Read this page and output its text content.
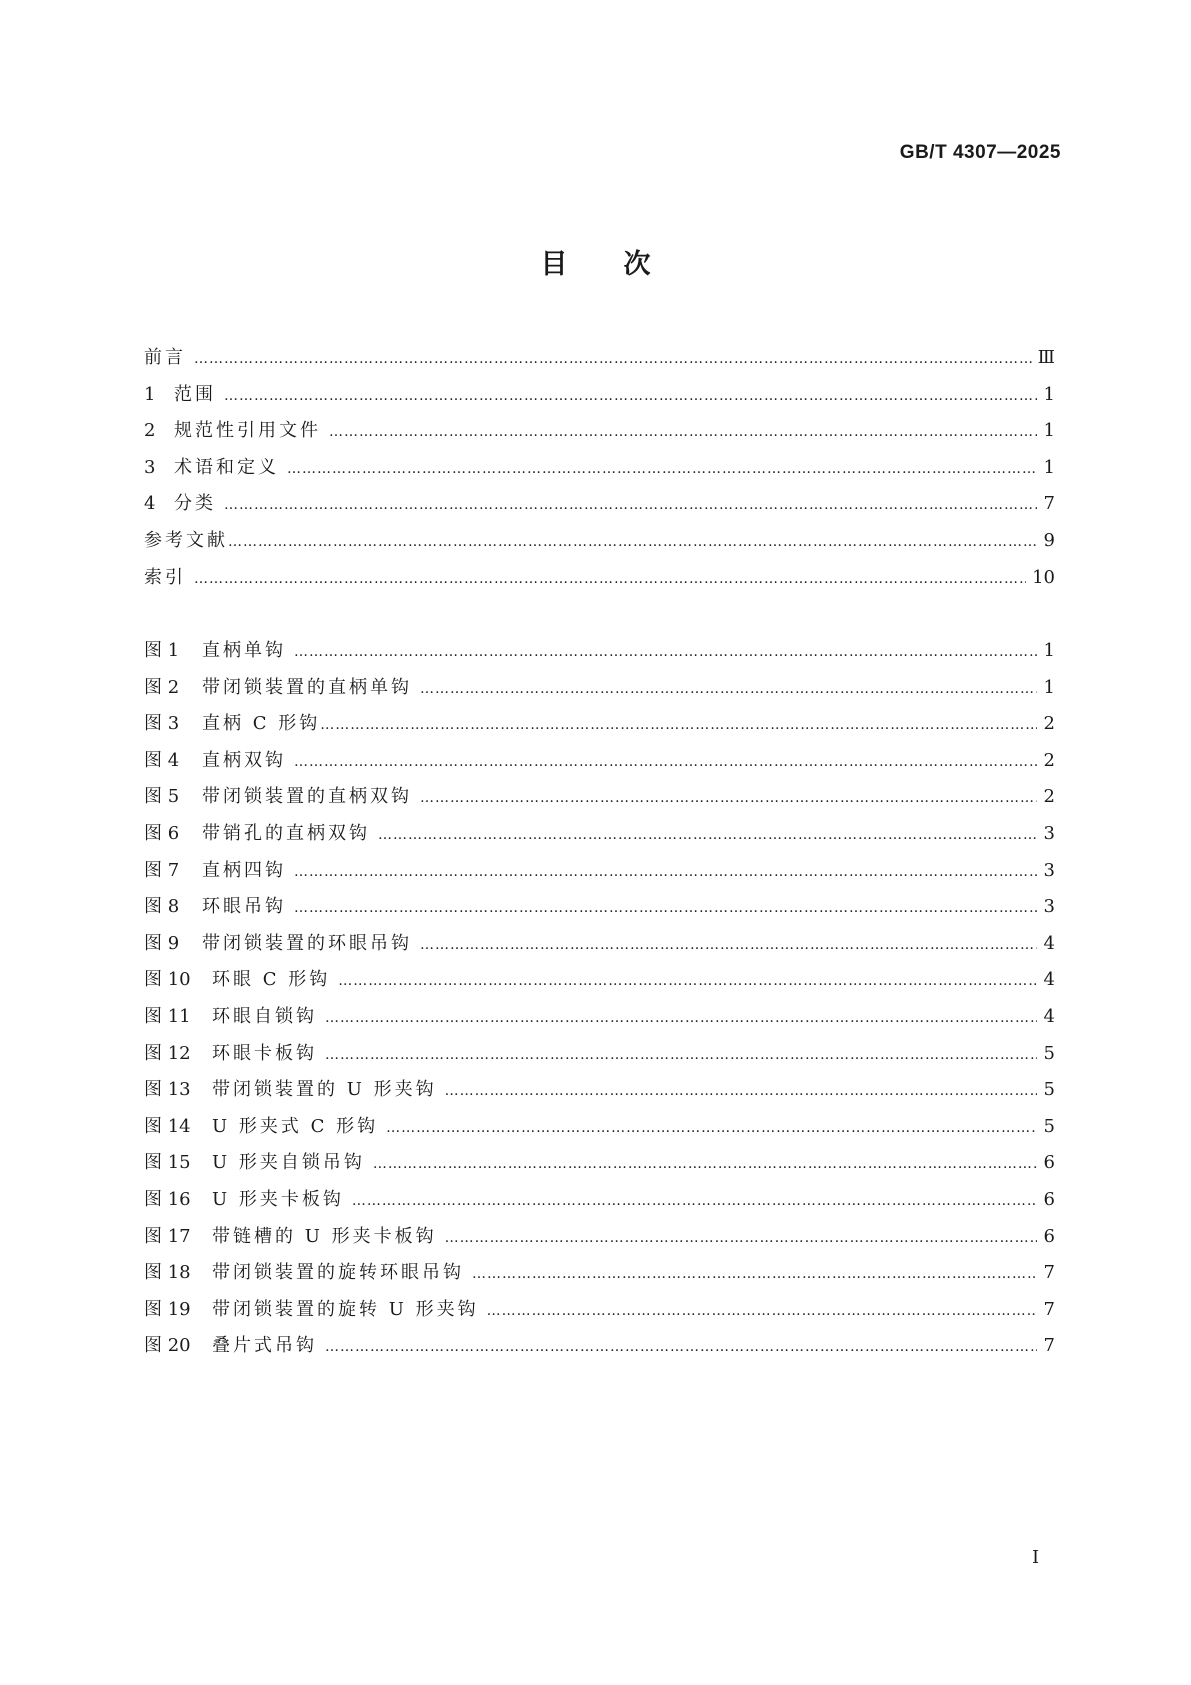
GB/T 4307—2025
目次
前言 …………………………………………………………………………………………………………………………………………………………………………………………………………	Ⅲ
1	范围 …………………………………………………………………………………………………………………………………………………………………………………………………………	1
2	规范性引用文件 …………………………………………………………………………………………………………………………………………………………………………………………………………	1
3	术语和定义 …………………………………………………………………………………………………………………………………………………………………………………………………………	1
4	分类 …………………………………………………………………………………………………………………………………………………………………………………………………………	7
参考文献 …………………………………………………………………………………………………………………………………………………………………………………………………………	9
索引 …………………………………………………………………………………………………………………………………………………………………………………………………………	10
图 1	直柄单钩 …………………………………………………………………………………………………………………………………………………………………………………………………………	1
图 2	带闭锁装置的直柄单钩 …………………………………………………………………………………………………………………………………………………………………………………………………………	1
图 3	直柄 C 形钩 …………………………………………………………………………………………………………………………………………………………………………………………………………	2
图 4	直柄双钩 …………………………………………………………………………………………………………………………………………………………………………………………………………	2
图 5	带闭锁装置的直柄双钩 …………………………………………………………………………………………………………………………………………………………………………………………………………	2
图 6	带销孔的直柄双钩 …………………………………………………………………………………………………………………………………………………………………………………………………………	3
图 7	直柄四钩 …………………………………………………………………………………………………………………………………………………………………………………………………………	3
图 8	环眼吊钩 …………………………………………………………………………………………………………………………………………………………………………………………………………	3
图 9	带闭锁装置的环眼吊钩 …………………………………………………………………………………………………………………………………………………………………………………………………………	4
图 10	环眼 C 形钩 …………………………………………………………………………………………………………………………………………………………………………………………………………	4
图 11	环眼自锁钩 …………………………………………………………………………………………………………………………………………………………………………………………………………	4
图 12	环眼卡板钩 …………………………………………………………………………………………………………………………………………………………………………………………………………	5
图 13	带闭锁装置的 U 形夹钩 …………………………………………………………………………………………………………………………………………………………………………………………………………	5
图 14	U 形夹式 C 形钩 …………………………………………………………………………………………………………………………………………………………………………………………………………	5
图 15	U 形夹自锁吊钩 …………………………………………………………………………………………………………………………………………………………………………………………………………	6
图 16	U 形夹卡板钩 …………………………………………………………………………………………………………………………………………………………………………………………………………	6
图 17	带链槽的 U 形夹卡板钩 …………………………………………………………………………………………………………………………………………………………………………………………………………	6
图 18	带闭锁装置的旋转环眼吊钩 …………………………………………………………………………………………………………………………………………………………………………………………………………	7
图 19	带闭锁装置的旋转 U 形夹钩 …………………………………………………………………………………………………………………………………………………………………………………………………………	7
图 20	叠片式吊钩 …………………………………………………………………………………………………………………………………………………………………………………………………………	7
I
